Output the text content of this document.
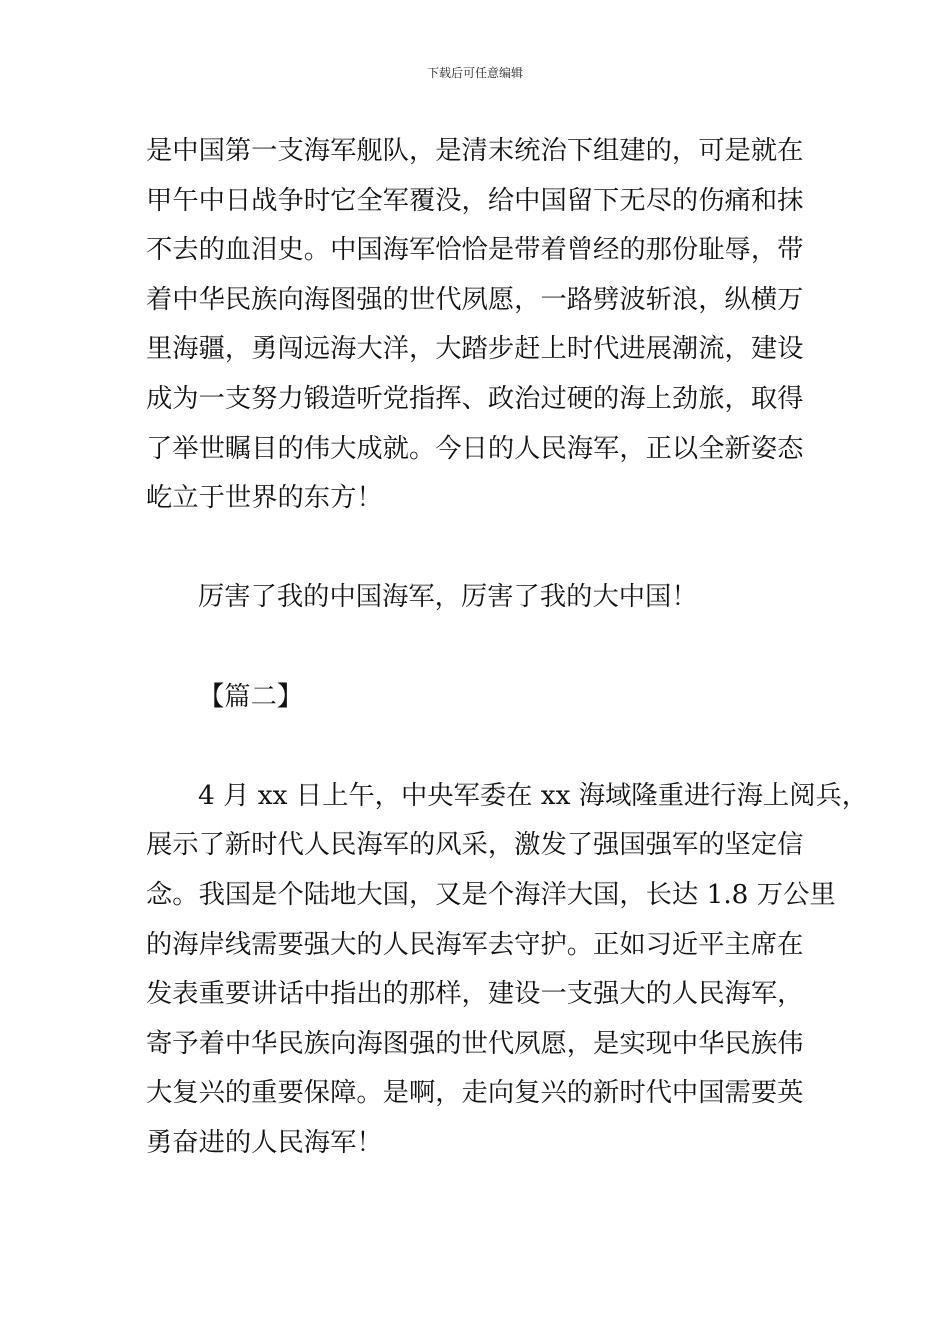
下载后可任意编辑
是中国第一支海军舰队，是清末统治下组建的，可是就在
甲午中日战争时它全军覆没，给中国留下无尽的伤痛和抹
不去的血泪史。中国海军恰恰是带着曾经的那份耻辱，带
着中华民族向海图强的世代夙愿，一路劈波斩浪，纵横万
里海疆，勇闯远海大洋，大踏步赶上时代进展潮流，建设
成为一支努力锻造听党指挥、政治过硬的海上劲旅，取得
了举世瞩目的伟大成就。今日的人民海军，正以全新姿态
屹立于世界的东方！
厉害了我的中国海军，厉害了我的大中国！
【篇二】
4 月 xx 日上午，中央军委在 xx 海域隆重进行海上阅兵，
展示了新时代人民海军的风采，激发了强国强军的坚定信
念。我国是个陆地大国，又是个海洋大国，长达 1.8 万公里
的海岸线需要强大的人民海军去守护。正如习近平主席在
发表重要讲话中指出的那样，建设一支强大的人民海军，
寄予着中华民族向海图强的世代夙愿，是实现中华民族伟
大复兴的重要保障。是啊，走向复兴的新时代中国需要英
勇奋进的人民海军！
